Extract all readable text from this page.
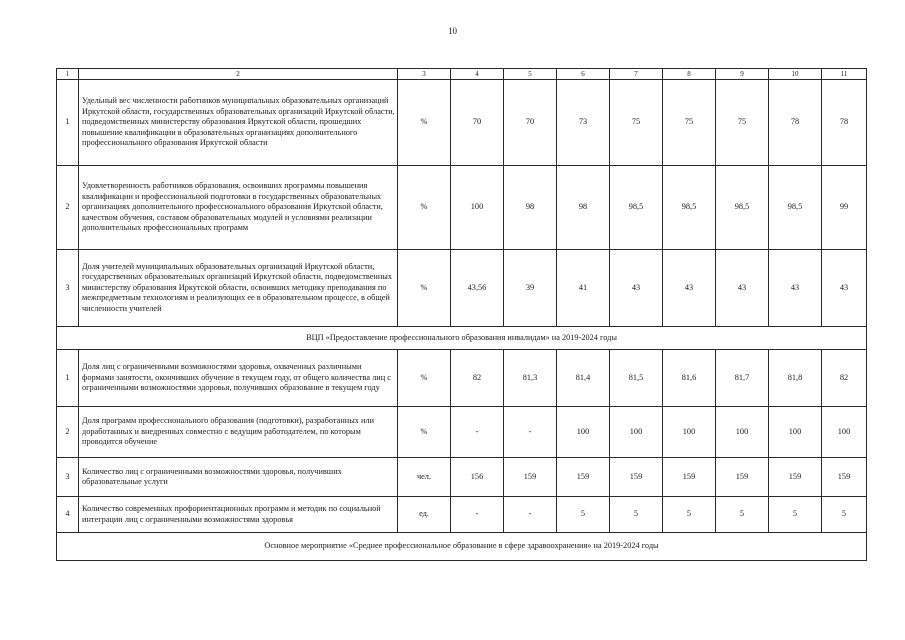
10
1	2	3	4	5	6	7	8	9	10	11
1	Удельный вес численности работников муниципальных образовательных организаций Иркутской области, государственных образовательных организаций Иркутской области, подведомственных министерству образования Иркутской области, прошедших повышение квалификации в образовательных организациях дополнительного профессионального образования Иркутской области	%	70	70	73	75	75	75	78	78
2	Удовлетворенность работников образования, освоивших программы повышения квалификации и профессиональной подготовки в государственных образовательных организациях дополнительного профессионального образования Иркутской области, качеством обучения, составом образовательных модулей и условиями реализации дополнительных профессиональных программ	%	100	98	98	98,5	98,5	98,5	98,5	99
3	Доля учителей муниципальных образовательных организаций Иркутской области, государственных образовательных организаций Иркутской области, подведомственных министерству образования Иркутской области, освоивших методику преподавания по межпредметным технологиям и реализующих ее в образовательном процессе, в общей численности учителей	%	43,56	39	41	43	43	43	43	43
ВЦП «Предоставление профессионального образования инвалидам» на 2019-2024 годы										
1	Доля лиц с ограниченными возможностями здоровья, охваченных различными формами занятости, окончивших обучение в текущем году, от общего количества лиц с ограниченными возможностями здоровья, получивших образование в текущем году	%	82	81,3	81,4	81,5	81,6	81,7	81,8	82
2	Доля программ профессионального образования (подготовки), разработанных или доработанных и внедренных совместно с ведущим работодателем, по которым проводится обучение	%	-	-	100	100	100	100	100	100
3	Количество лиц с ограниченными возможностями здоровья, получивших образовательные услуги	чел.	156	159	159	159	159	159	159	159
4	Количество современных профориентационных программ и методик по социальной интеграции лиц с ограниченными возможностями здоровья	ед.	-	-	5	5	5	5	5	5
Основное мероприятие «Среднее профессиональное образование в сфере здравоохранения» на 2019-2024 годы										
